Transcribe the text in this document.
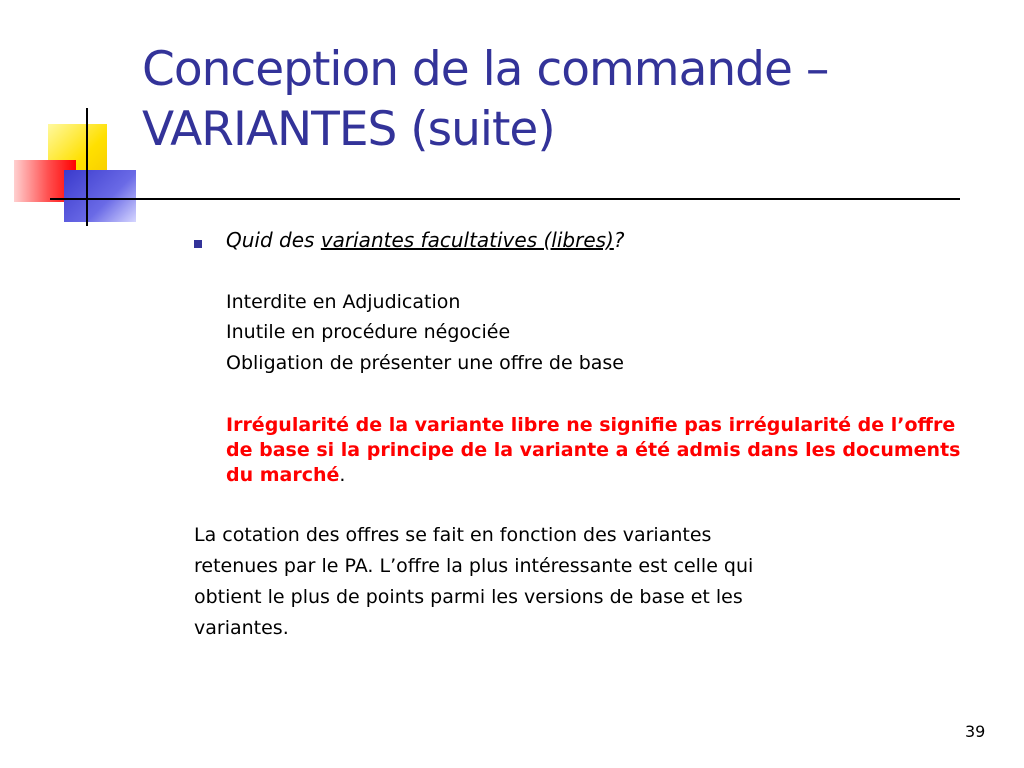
Conception de la commande –
VARIANTES (suite)
Quid des variantes facultatives (libres)?
Interdite en Adjudication
Inutile en procédure négociée
Obligation de présenter une offre de base
Irrégularité de la variante libre ne signifie pas irrégularité de l’offre de base si la principe de la variante a été admis dans les documents du marché.
La cotation des offres se fait en fonction des variantes
retenues par le PA. L’offre la plus intéressante est celle qui
obtient le plus de points parmi les versions de base et les
variantes.
39
